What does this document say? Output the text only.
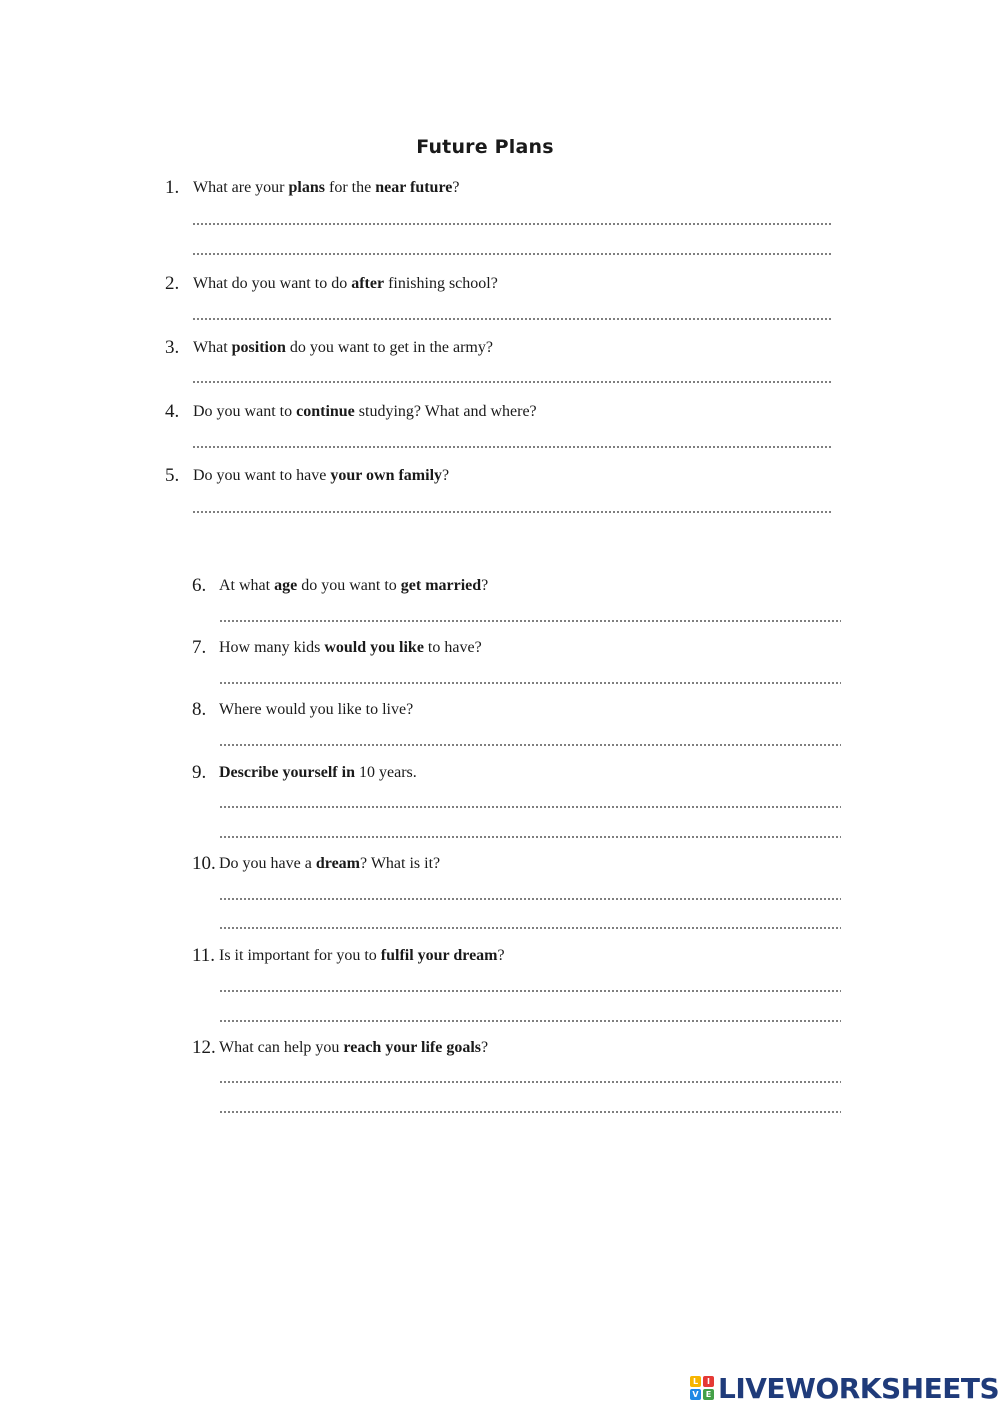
Future Plans
1. What are your plans for the near future?
2. What do you want to do after finishing school?
3. What position do you want to get in the army?
4. Do you want to continue studying? What and where?
5. Do you want to have your own family?
6. At what age do you want to get married?
7. How many kids would you like to have?
8. Where would you like to live?
9. Describe yourself in 10 years.
10. Do you have a dream? What is it?
11. Is it important for you to fulfil your dream?
12. What can help you reach your life goals?
L	I
V E LIVEWORKSHEETS
